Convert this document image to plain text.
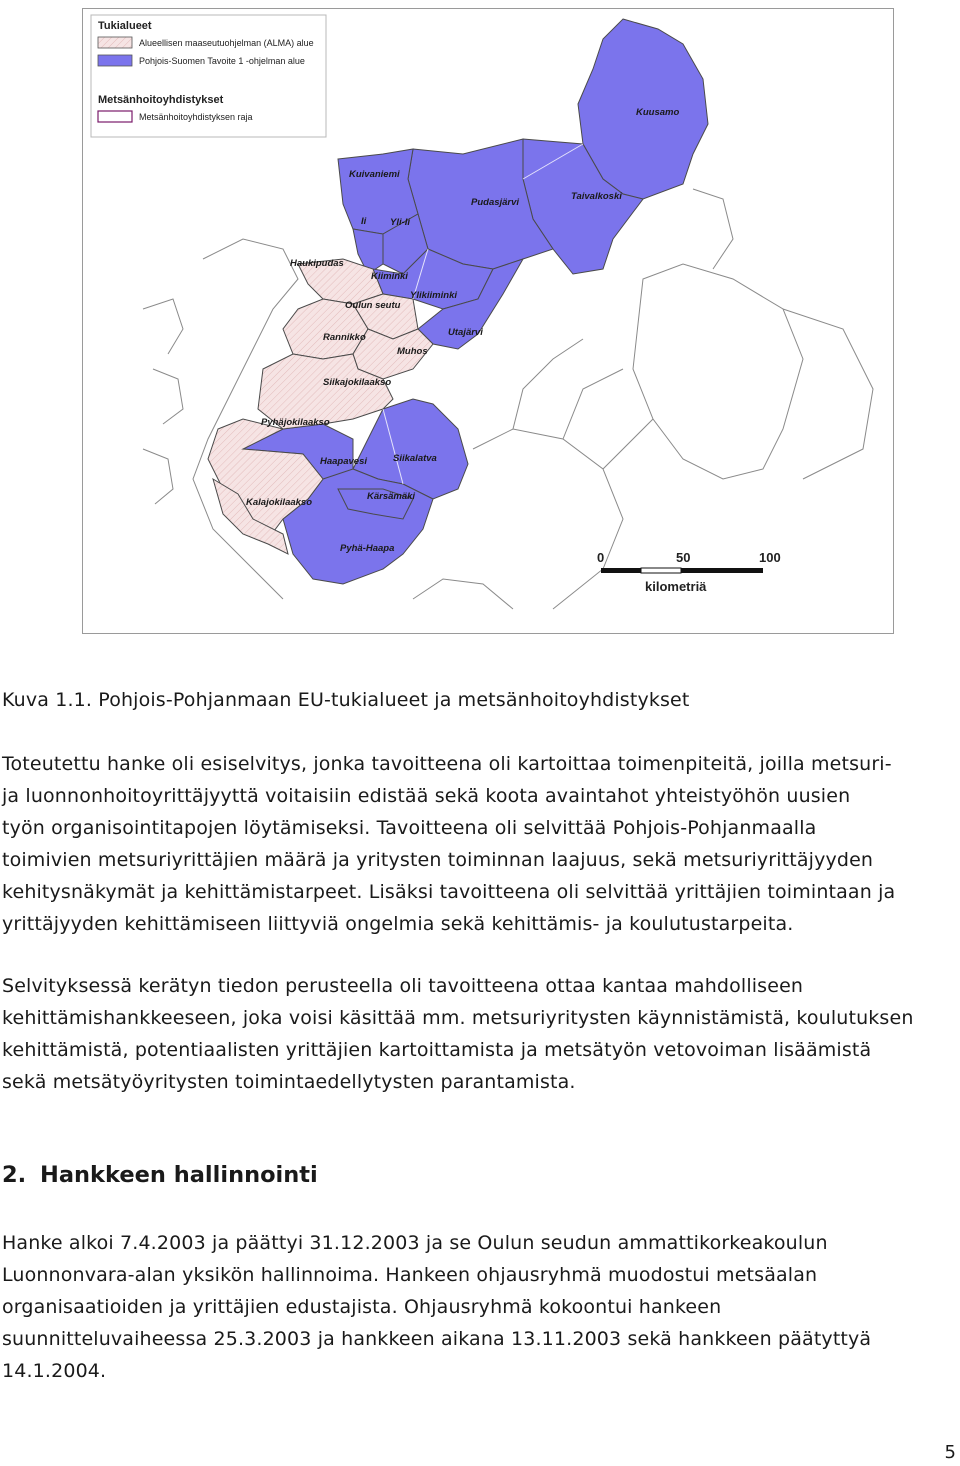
Tukialueet
Alueellisen maaseutuohjelman (ALMA) alue
Pohjois-Suomen Tavoite 1 -ohjelman alue
Metsänhoitoyhdistykset
Metsänhoitoyhdistyksen raja	Kuusamo
Kuivaniemi
Pudasjärvi
Taivalkoski
Ii Yli-Ii
Haukipudas
Kiiminki
Ylikiiminki
Oulun seutu
Utajärvi
Rannikko
Muhos
Siikajokilaakso
Pyhäjokilaakso
Haapavesi	Siikalatva
Kärsämäki
Kalajokilaakso
Pyhä-Haapa
0	50	100
kilometriä

Kuva 1.1. Pohjois-Pohjanmaan EU-tukialueet ja metsänhoitoyhdistykset

Toteutettu hanke oli esiselvitys, jonka tavoitteena oli kartoittaa toimenpiteitä, joilla metsuri-
ja luonnonhoitoyrittäjyyttä voitaisiin edistää sekä koota avaintahot yhteistyöhön uusien
työn organisointitapojen löytämiseksi. Tavoitteena oli selvittää Pohjois-Pohjanmaalla
toimivien metsuriyrittäjien määrä ja yritysten toiminnan laajuus, sekä metsuriyrittäjyyden
kehitysnäkymät ja kehittämistarpeet. Lisäksi tavoitteena oli selvittää yrittäjien toimintaan ja
yrittäjyyden kehittämiseen liittyviä ongelmia sekä kehittämis- ja koulutustarpeita.
Selvityksessä kerätyn tiedon perusteella oli tavoitteena ottaa kantaa mahdolliseen
kehittämishankkeeseen, joka voisi käsittää mm. metsuriyritysten käynnistämistä, koulutuksen
kehittämistä, potentiaalisten yrittäjien kartoittamista ja metsätyön vetovoiman lisäämistä
sekä metsätyöyritysten toimintaedellytysten parantamista.
2. Hankkeen hallinnointi
Hanke alkoi 7.4.2003 ja päättyi 31.12.2003 ja se Oulun seudun ammattikorkeakoulun
Luonnonvara-alan yksikön hallinnoima. Hankeen ohjausryhmä muodostui metsäalan
organisaatioiden ja yrittäjien edustajista. Ohjausryhmä kokoontui hankeen
suunnitteluvaiheessa 25.3.2003 ja hankkeen aikana 13.11.2003 sekä hankkeen päätyttyä
14.1.2004.
5
